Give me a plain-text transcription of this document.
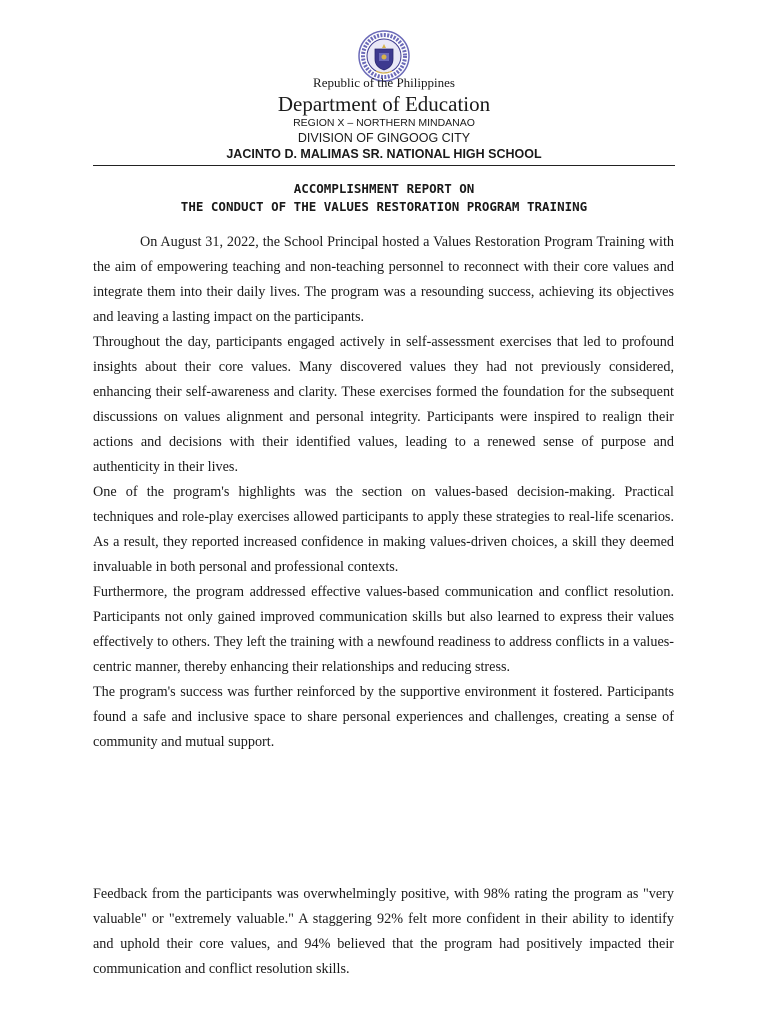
Republic of the Philippines
Department of Education
REGION X – NORTHERN MINDANAO
DIVISION OF GINGOOG CITY
JACINTO D. MALIMAS SR. NATIONAL HIGH SCHOOL
ACCOMPLISHMENT REPORT ON
THE CONDUCT OF THE VALUES RESTORATION PROGRAM TRAINING

On August 31, 2022, the School Principal hosted a Values Restoration Program Training with the aim of empowering teaching and non-teaching personnel to reconnect with their core values and integrate them into their daily lives. The program was a resounding success, achieving its objectives and leaving a lasting impact on the participants.

Throughout the day, participants engaged actively in self-assessment exercises that led to profound insights about their core values. Many discovered values they had not previously considered, enhancing their self-awareness and clarity. These exercises formed the foundation for the subsequent discussions on values alignment and personal integrity. Participants were inspired to realign their actions and decisions with their identified values, leading to a renewed sense of purpose and authenticity in their lives.

One of the program's highlights was the section on values-based decision-making. Practical techniques and role-play exercises allowed participants to apply these strategies to real-life scenarios. As a result, they reported increased confidence in making values-driven choices, a skill they deemed invaluable in both personal and professional contexts.

Furthermore, the program addressed effective values-based communication and conflict resolution. Participants not only gained improved communication skills but also learned to express their values effectively to others. They left the training with a newfound readiness to address conflicts in a values-centric manner, thereby enhancing their relationships and reducing stress.

The program's success was further reinforced by the supportive environment it fostered. Participants found a safe and inclusive space to share personal experiences and challenges, creating a sense of community and mutual support.

Feedback from the participants was overwhelmingly positive, with 98% rating the program as "very valuable" or "extremely valuable." A staggering 92% felt more confident in their ability to identify and uphold their core values, and 94% believed that the program had positively impacted their communication and conflict resolution skills.
